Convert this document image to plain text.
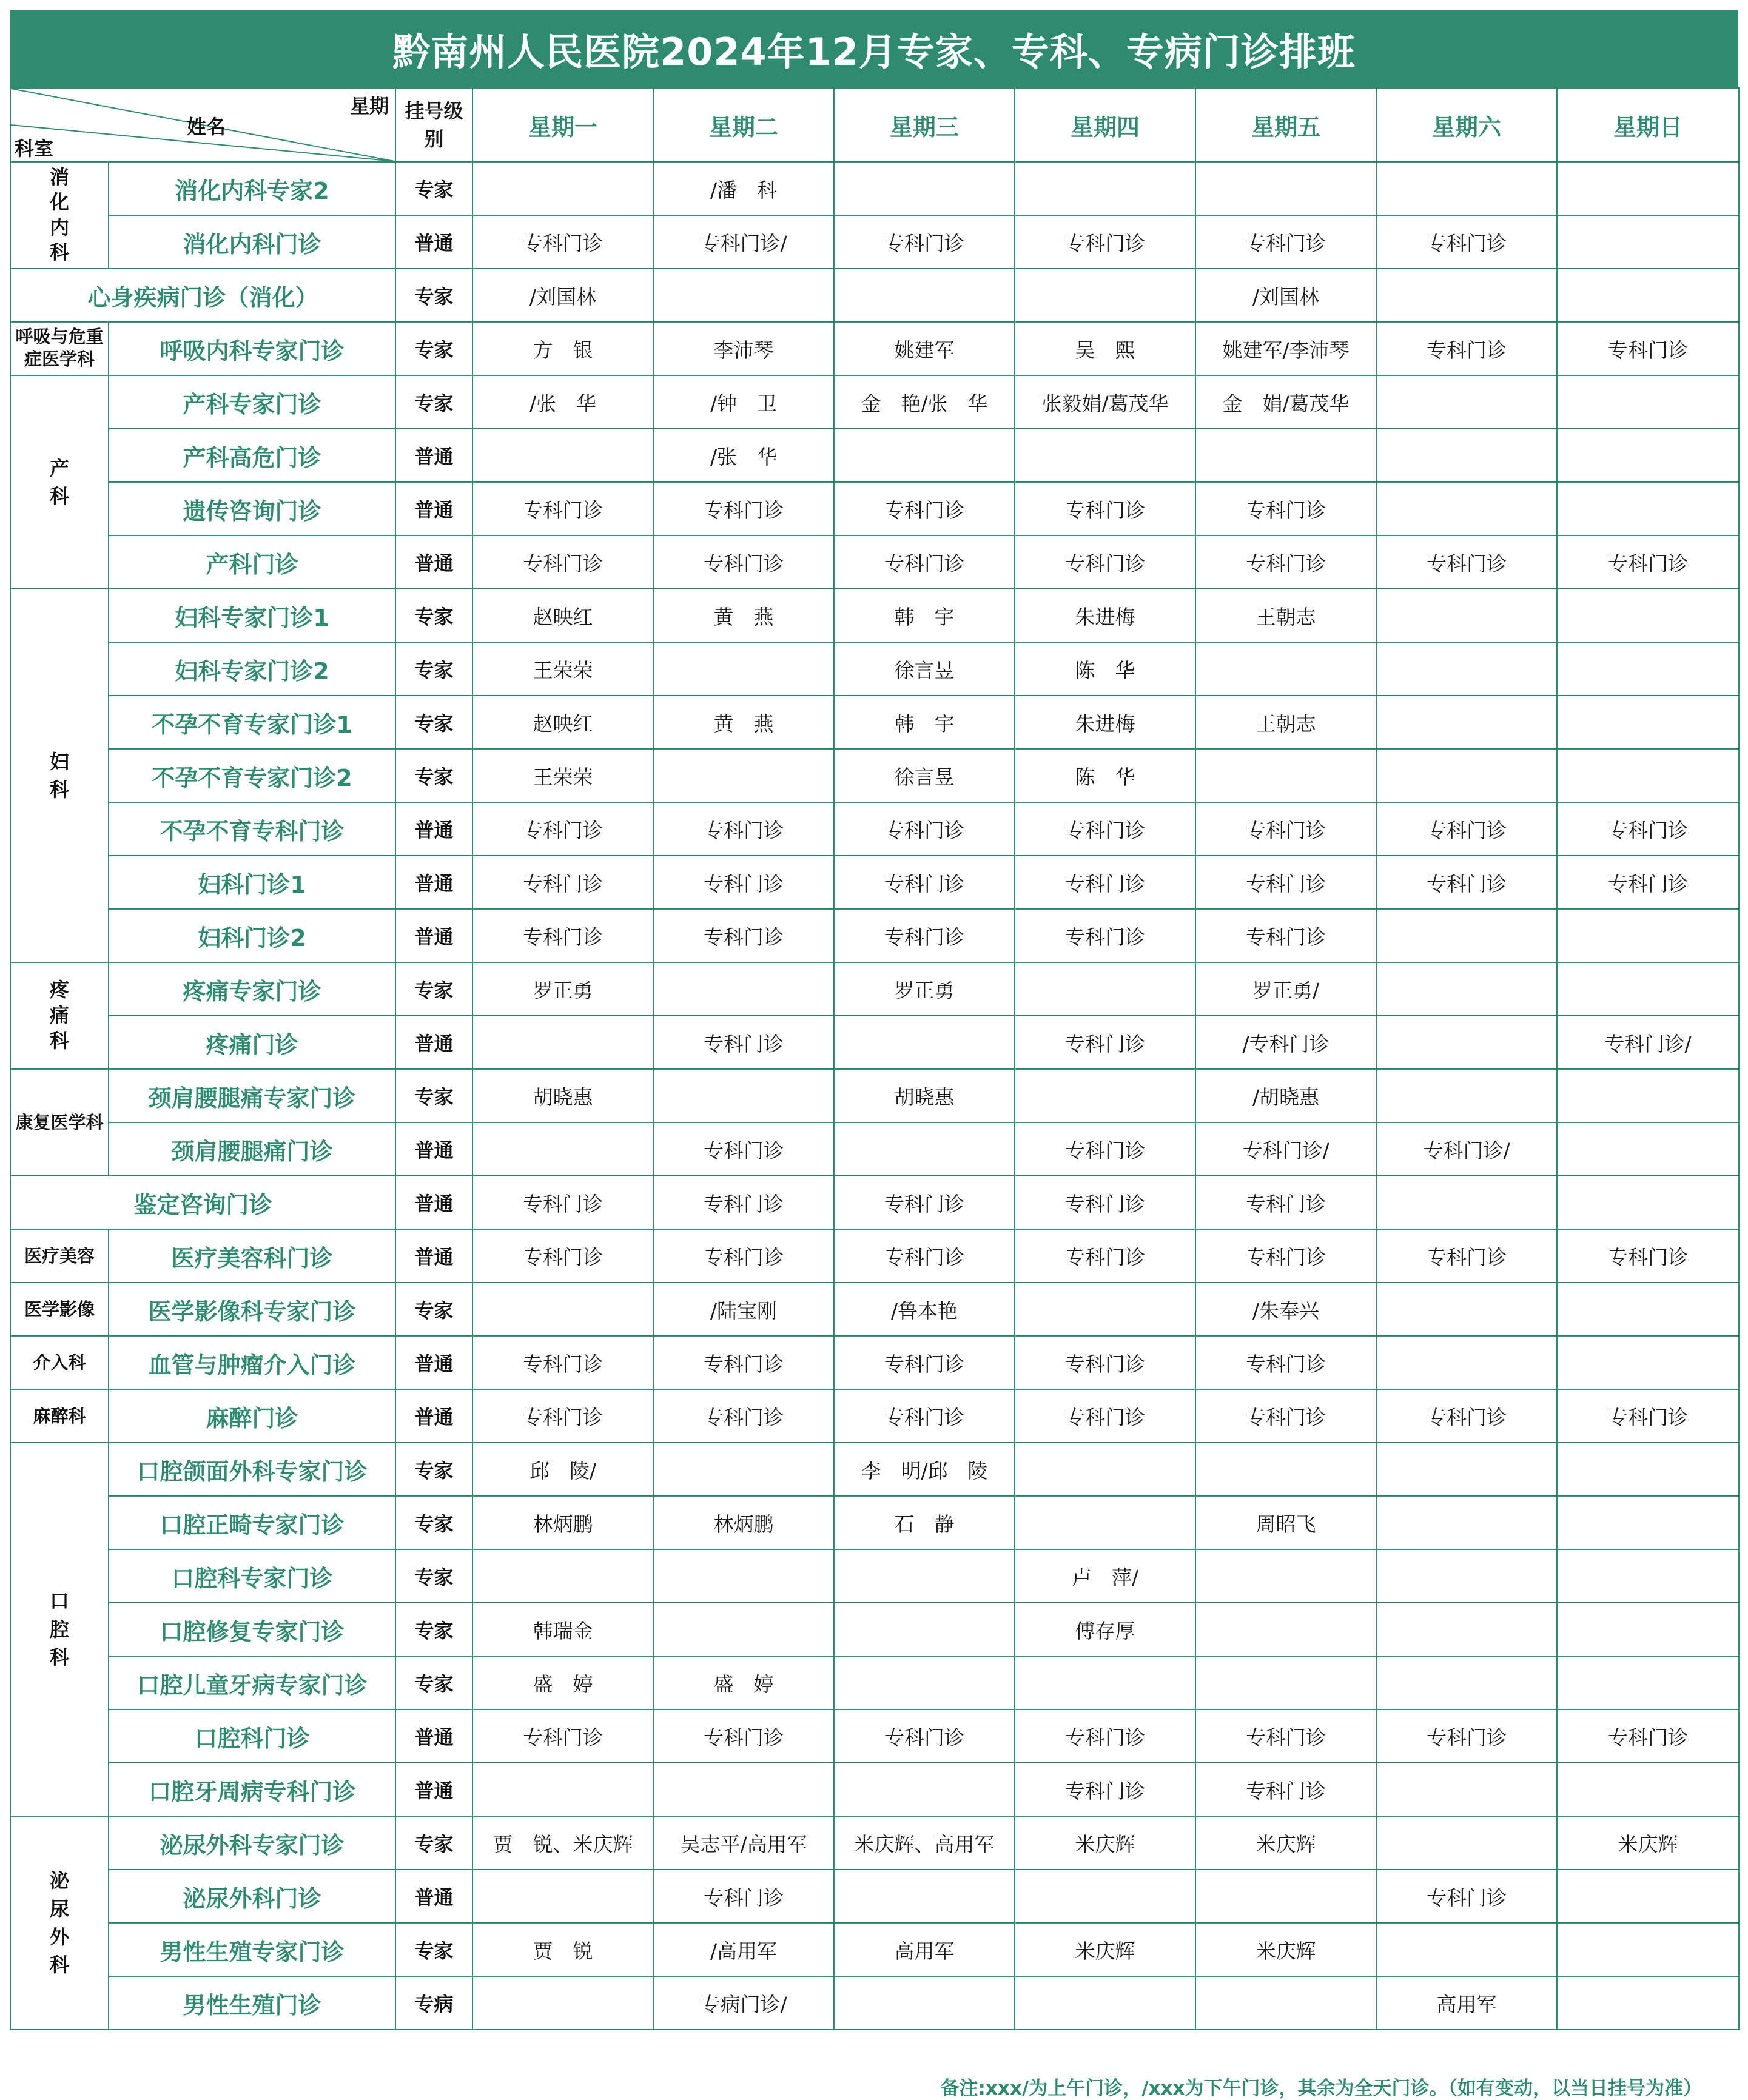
黔南州人民医院2024年12月专家、专科、专病门诊排班
星期
姓名
科室		挂号级别	星期一	星期二	星期三	星期四	星期五	星期六	星期日
消化内科	消化内科专家2	专家		/潘　科					
	消化内科门诊	普通	专科门诊	专科门诊/	专科门诊	专科门诊	专科门诊	专科门诊	
心身疾病门诊（消化）		专家	/刘国林				/刘国林		
呼吸与危重症医学科	呼吸内科专家门诊	专家	方　银	李沛琴	姚建军	吴　熙	姚建军/李沛琴	专科门诊	专科门诊
产科	产科专家门诊	专家	/张　华	/钟　卫	金　艳/张　华	张毅娟/葛茂华	金　娟/葛茂华		
	产科高危门诊	普通		/张　华					
	遗传咨询门诊	普通	专科门诊	专科门诊	专科门诊	专科门诊	专科门诊		
	产科门诊	普通	专科门诊	专科门诊	专科门诊	专科门诊	专科门诊	专科门诊	专科门诊
妇科	妇科专家门诊1	专家	赵映红	黄　燕	韩　宇	朱进梅	王朝志		
	妇科专家门诊2	专家	王荣荣		徐言昱	陈　华			
	不孕不育专家门诊1	专家	赵映红	黄　燕	韩　宇	朱进梅	王朝志		
	不孕不育专家门诊2	专家	王荣荣		徐言昱	陈　华			
	不孕不育专科门诊	普通	专科门诊	专科门诊	专科门诊	专科门诊	专科门诊	专科门诊	专科门诊
	妇科门诊1	普通	专科门诊	专科门诊	专科门诊	专科门诊	专科门诊	专科门诊	专科门诊
	妇科门诊2	普通	专科门诊	专科门诊	专科门诊	专科门诊	专科门诊		
疼痛科	疼痛专家门诊	专家	罗正勇		罗正勇		罗正勇/		
	疼痛门诊	普通		专科门诊		专科门诊	/专科门诊		专科门诊/
康复医学科	颈肩腰腿痛专家门诊	专家	胡晓惠		胡晓惠		/胡晓惠		
	颈肩腰腿痛门诊	普通		专科门诊		专科门诊	专科门诊/	专科门诊/	
鉴定咨询门诊		普通	专科门诊	专科门诊	专科门诊	专科门诊	专科门诊		
医疗美容	医疗美容科门诊	普通	专科门诊	专科门诊	专科门诊	专科门诊	专科门诊	专科门诊	专科门诊
医学影像	医学影像科专家门诊	专家		/陆宝刚	/鲁本艳		/朱奉兴		
介入科	血管与肿瘤介入门诊	普通	专科门诊	专科门诊	专科门诊	专科门诊	专科门诊		
麻醉科	麻醉门诊	普通	专科门诊	专科门诊	专科门诊	专科门诊	专科门诊	专科门诊	专科门诊
口腔科	口腔颌面外科专家门诊	专家	邱　陵/		李　明/邱　陵				
	口腔正畸专家门诊	专家	林炳鹏	林炳鹏	石　静		周昭飞		
	口腔科专家门诊	专家				卢　萍/			
	口腔修复专家门诊	专家	韩瑞金			傅存厚			
	口腔儿童牙病专家门诊	专家	盛　婷	盛　婷					
	口腔科门诊	普通	专科门诊	专科门诊	专科门诊	专科门诊	专科门诊	专科门诊	专科门诊
	口腔牙周病专科门诊	普通				专科门诊	专科门诊		
泌尿外科	泌尿外科专家门诊	专家	贾　锐、米庆辉	吴志平/高用军	米庆辉、高用军	米庆辉	米庆辉		米庆辉
	泌尿外科门诊	普通		专科门诊				专科门诊	
	男性生殖专家门诊	专家	贾　锐	/高用军	高用军	米庆辉	米庆辉		
	男性生殖门诊	专病		专病门诊/				高用军	
备注:xxx/为上午门诊，/xxx为下午门诊，其余为全天门诊。（如有变动，以当日挂号为准）
